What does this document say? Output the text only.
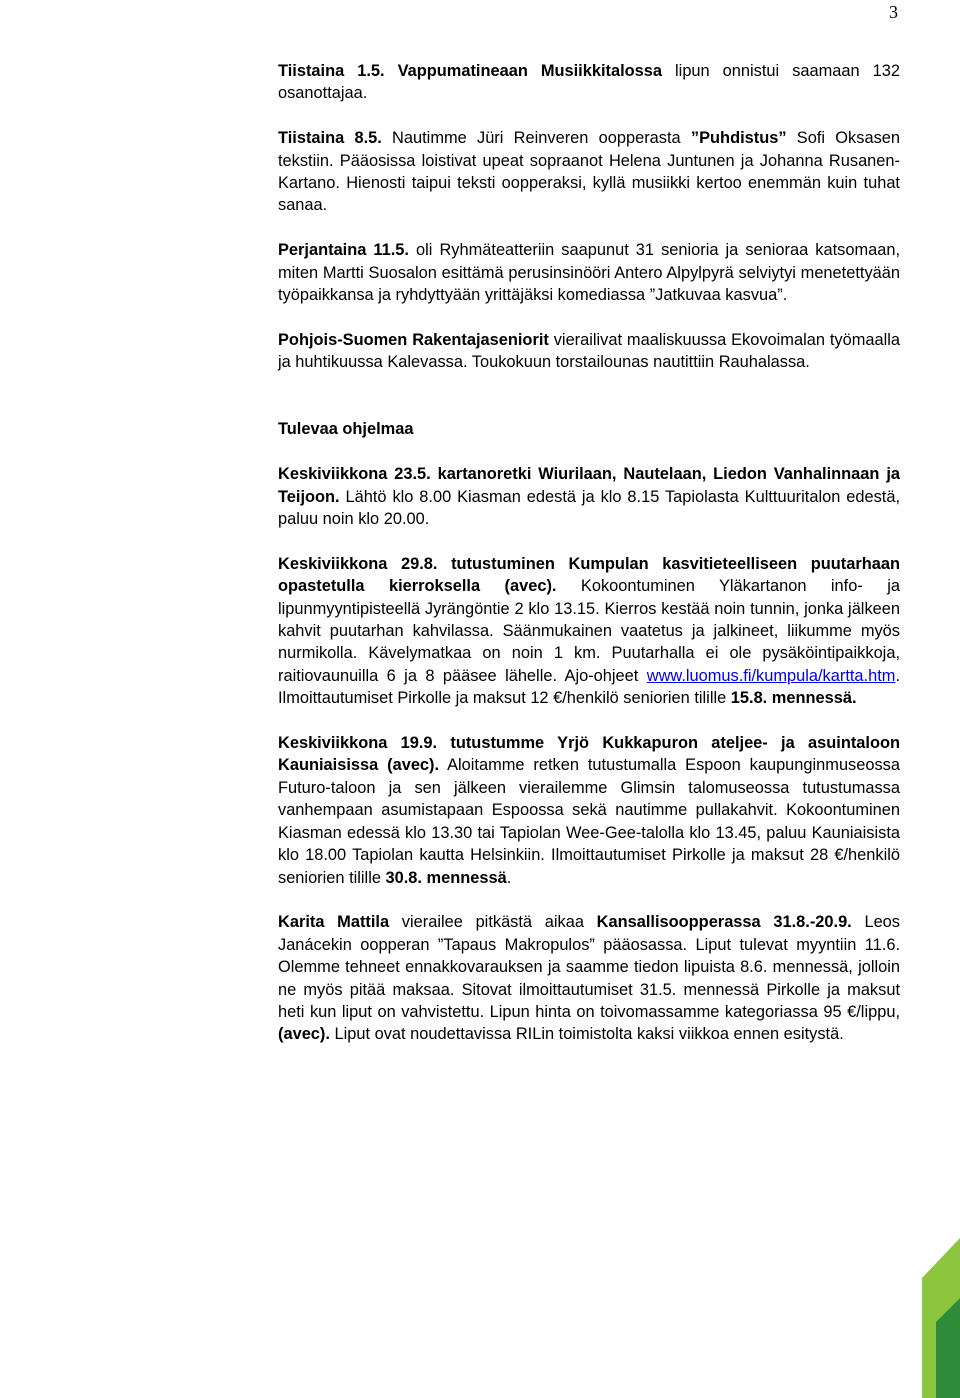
3

Tiistaina 1.5. Vappumatineaan Musiikkitalossa lipun onnistui saamaan 132 osanottajaa.

Tiistaina 8.5. Nautimme Jüri Reinveren oopperasta ”Puhdistus” Sofi Oksasen tekstiin. Pääosissa loistivat upeat sopraanot Helena Juntunen ja Johanna Rusanen-Kartano. Hienosti taipui teksti oopperaksi, kyllä musiikki kertoo enemmän kuin tuhat sanaa.

Perjantaina 11.5. oli Ryhmäteatteriin saapunut 31 senioria ja senioraa katsomaan, miten Martti Suosalon esittämä perusinsinööri Antero Alpylpyrä selviytyi menetettyään työpaikkansa ja ryhdyttyään yrittäjäksi komediassa ”Jatkuvaa kasvua”.

Pohjois-Suomen Rakentajaseniorit vierailivat maaliskuussa Ekovoimalan työmaalla ja huhtikuussa Kalevassa. Toukokuun torstailounas nautittiin Rauhalassa.

Tulevaa ohjelmaa

Keskiviikkona 23.5. kartanoretki Wiurilaan, Nautelaan, Liedon Vanhalinnaan ja Teijoon. Lähtö klo 8.00 Kiasman edestä ja klo 8.15 Tapiolasta Kulttuuritalon edestä, paluu noin klo 20.00.

Keskiviikkona 29.8. tutustuminen Kumpulan kasvitieteelliseen puutarhaan opastetulla kierroksella (avec). Kokoontuminen Yläkartanon info- ja lipunmyyntipisteellä Jyrängöntie 2 klo 13.15. Kierros kestää noin tunnin, jonka jälkeen kahvit puutarhan kahvilassa. Säänmukainen vaatetus ja jalkineet, liikumme myös nurmikolla. Kävelymatkaa on noin 1 km. Puutarhalla ei ole pysäköintipaikkoja, raitiovaunuilla 6 ja 8 pääsee lähelle. Ajo-ohjeet www.luomus.fi/kumpula/kartta.htm. Ilmoittautumiset Pirkolle ja maksut 12 €/henkilö seniorien tilille 15.8. mennessä.

Keskiviikkona 19.9. tutustumme Yrjö Kukkapuron ateljee- ja asuintaloon Kauniaisissa (avec). Aloitamme retken tutustumalla Espoon kaupunginmuseossa Futuro-taloon ja sen jälkeen vierailemme Glimsin talomuseossa tutustumassa vanhempaan asumistapaan Espoossa sekä nautimme pullakahvit. Kokoontuminen Kiasman edessä klo 13.30 tai Tapiolan Wee-Gee-talolla klo 13.45, paluu Kauniaisista klo 18.00 Tapiolan kautta Helsinkiin. Ilmoittautumiset Pirkolle ja maksut 28 €/henkilö seniorien tilille 30.8. mennessä.

Karita Mattila vierailee pitkästä aikaa Kansallisoopperassa 31.8.-20.9. Leos Janácekin oopperan ”Tapaus Makropulos” pääosassa. Liput tulevat myyntiin 11.6. Olemme tehneet ennakkovarauksen ja saamme tiedon lipuista 8.6. mennessä, jolloin ne myös pitää maksaa. Sitovat ilmoittautumiset 31.5. mennessä Pirkolle ja maksut heti kun liput on vahvistettu. Lipun hinta on toivomassamme kategoriassa 95 €/lippu, (avec). Liput ovat noudettavissa RILin toimistolta kaksi viikkoa ennen esitystä.
